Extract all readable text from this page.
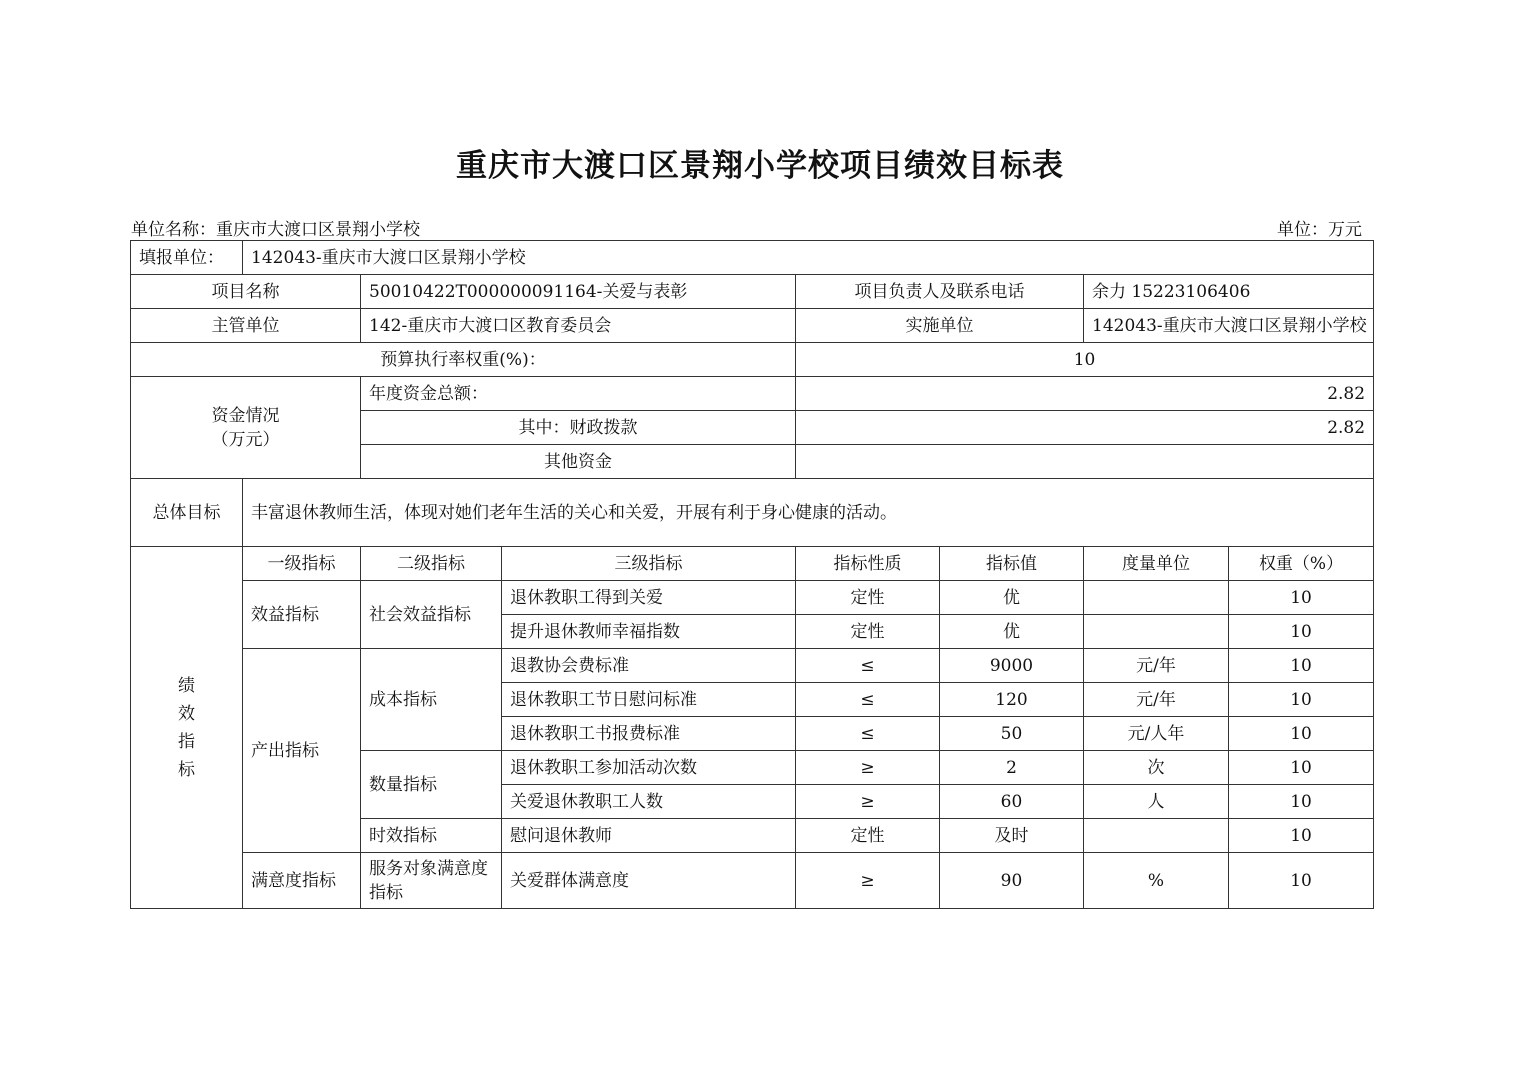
重庆市大渡口区景翔小学校项目绩效目标表
单位名称：重庆市大渡口区景翔小学校	单位：万元
填报单位：	142043-重庆市大渡口区景翔小学校						
项目名称		50010422T000000091164-关爱与表彰		项目负责人及联系电话		余力 15223106406	
主管单位		142-重庆市大渡口区教育委员会		实施单位		142043-重庆市大渡口区景翔小学校	
预算执行率权重(%)：				10			

资金情况
（万元）		年度资金总额：		2.82			
		其中：财政拨款		2.82			
		其他资金					
总体目标	丰富退休教师生活，体现对她们老年生活的关心和关爱，开展有利于身心健康的活动。						

绩
效
指
标	一级指标	二级指标	三级指标	指标性质	指标值	度量单位	权重（%）
	效益指标	社会效益指标	退休教职工得到关爱	定性	优		10
			提升退休教师幸福指数	定性	优		10
	产出指标	成本指标	退教协会费标准	≤	9000	元/年	10
			退休教职工节日慰问标准	≤	120	元/年	10
			退休教职工书报费标准	≤	50	元/人年	10
		数量指标	退休教职工参加活动次数	≥	2	次	10
			关爱退休教职工人数	≥	60	人	10
		时效指标	慰问退休教师	定性	及时		10
	满意度指标	服务对象满意度指标	关爱群体满意度	≥	90	%	10
